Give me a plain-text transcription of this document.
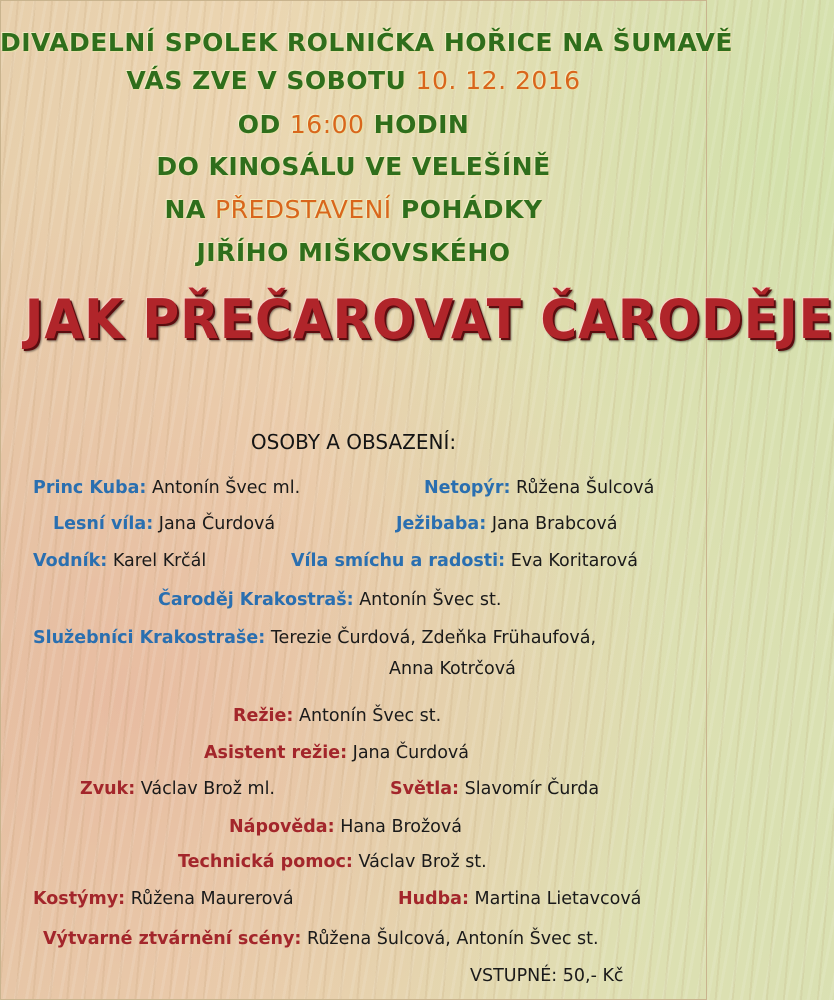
DIVADELNÍ SPOLEK ROLNIČKA HOŘICE NA ŠUMAVĚ
VÁS ZVE V SOBOTU 10. 12. 2016
OD 16:00 HODIN
DO KINOSÁLU VE VELEŠÍNĚ
NA PŘEDSTAVENÍ POHÁDKY
JIŘÍHO MIŠKOVSKÉHO
JAK PŘEČAROVAT ČARODĚJE
OSOBY A OBSAZENÍ:
Princ Kuba: Antonín Švec ml.	Netopýr: Růžena Šulcová
Lesní víla: Jana Čurdová	Ježibaba: Jana Brabcová
Vodník: Karel Krčál	Víla smíchu a radosti: Eva Koritarová
Čaroděj Krakostraš: Antonín Švec st.
Služebníci Krakostraše: Terezie Čurdová, Zdeňka Frühaufová,
Anna Kotrčová
Režie: Antonín Švec st.
Asistent režie: Jana Čurdová
Zvuk: Václav Brož ml.	Světla: Slavomír Čurda
Nápověda: Hana Brožová
Technická pomoc: Václav Brož st.
Kostýmy: Růžena Maurerová	Hudba: Martina Lietavcová
Výtvarné ztvárnění scény: Růžena Šulcová, Antonín Švec st.
VSTUPNÉ: 50,- Kč
